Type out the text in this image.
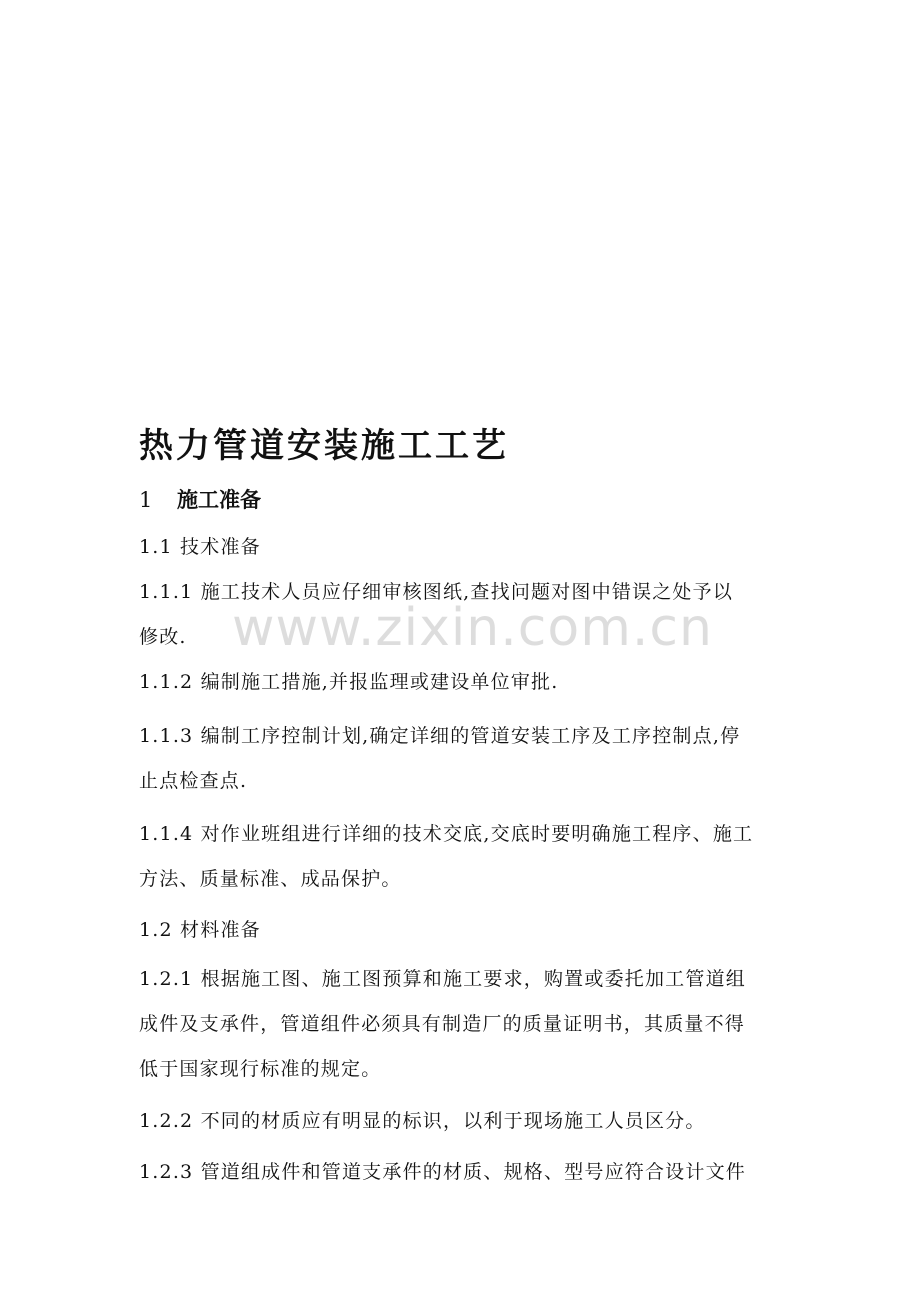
www.zixin.com.cn
热力管道安装施工工艺
1 施工准备
1.1 技术准备
1.1.1 施工技术人员应仔细审核图纸,查找问题对图中错误之处予以
修改.
1.1.2 编制施工措施,并报监理或建设单位审批.
1.1.3 编制工序控制计划,确定详细的管道安装工序及工序控制点,停
止点检查点.
1.1.4 对作业班组进行详细的技术交底,交底时要明确施工程序、施工
方法、质量标准、成品保护。
1.2 材料准备
1.2.1 根据施工图、施工图预算和施工要求，购置或委托加工管道组
成件及支承件，管道组件必须具有制造厂的质量证明书，其质量不得
低于国家现行标准的规定。
1.2.2 不同的材质应有明显的标识，以利于现场施工人员区分。
1.2.3 管道组成件和管道支承件的材质、规格、型号应符合设计文件
